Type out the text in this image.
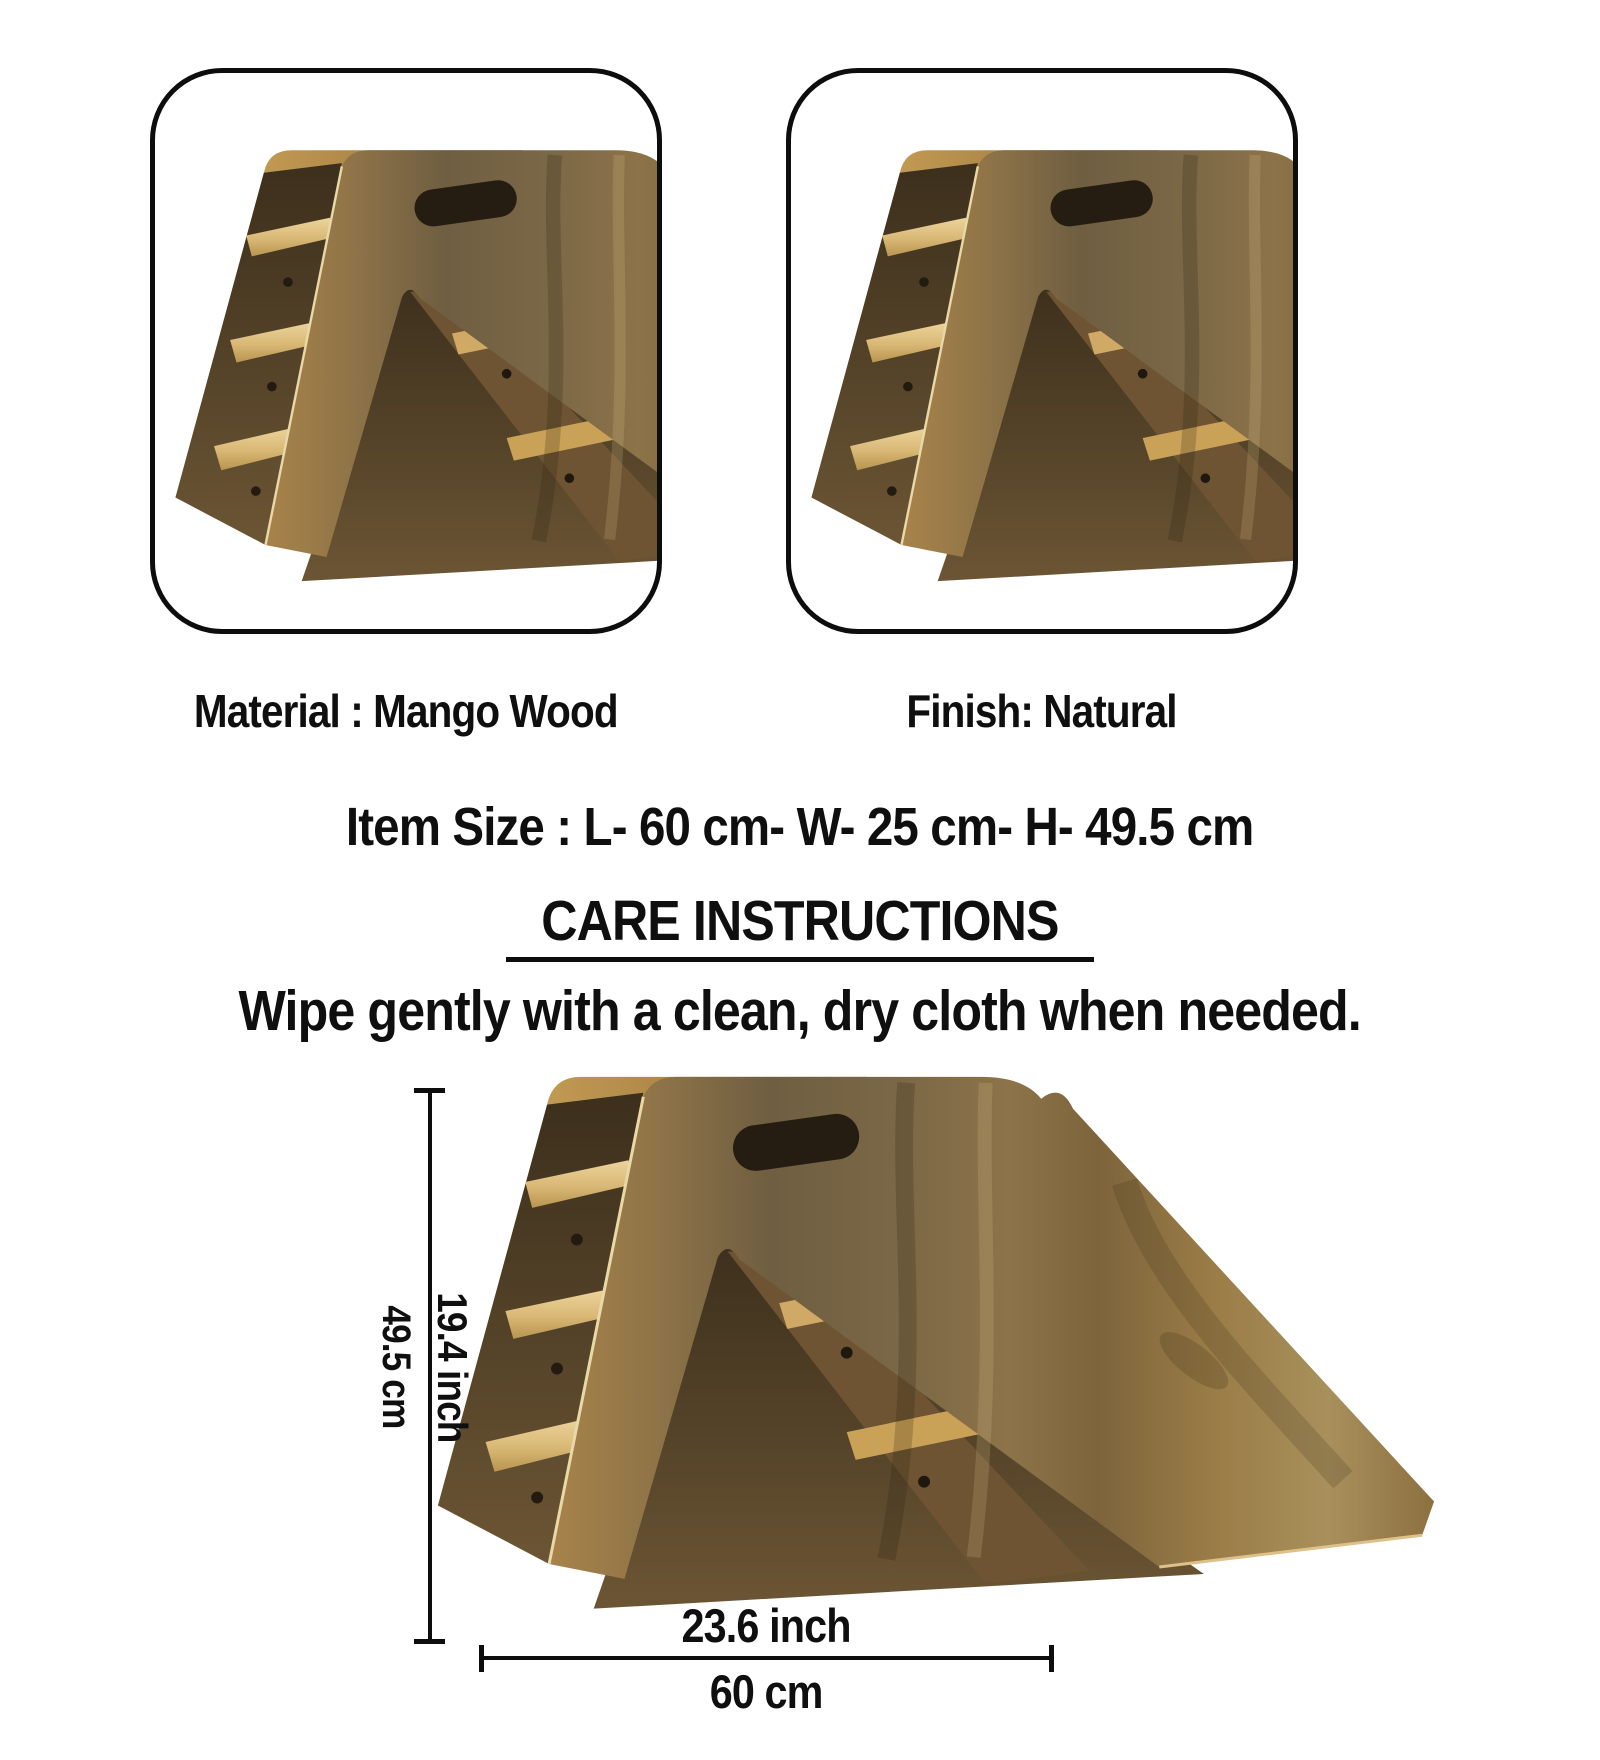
Material : Mango Wood	Finish: Natural
Item Size : L- 60 cm- W- 25 cm- H- 49.5 cm
CARE INSTRUCTIONS
Wipe gently with a clean, dry cloth when needed.
49.5 cm 19.4 inch
23.6 inch
60 cm
